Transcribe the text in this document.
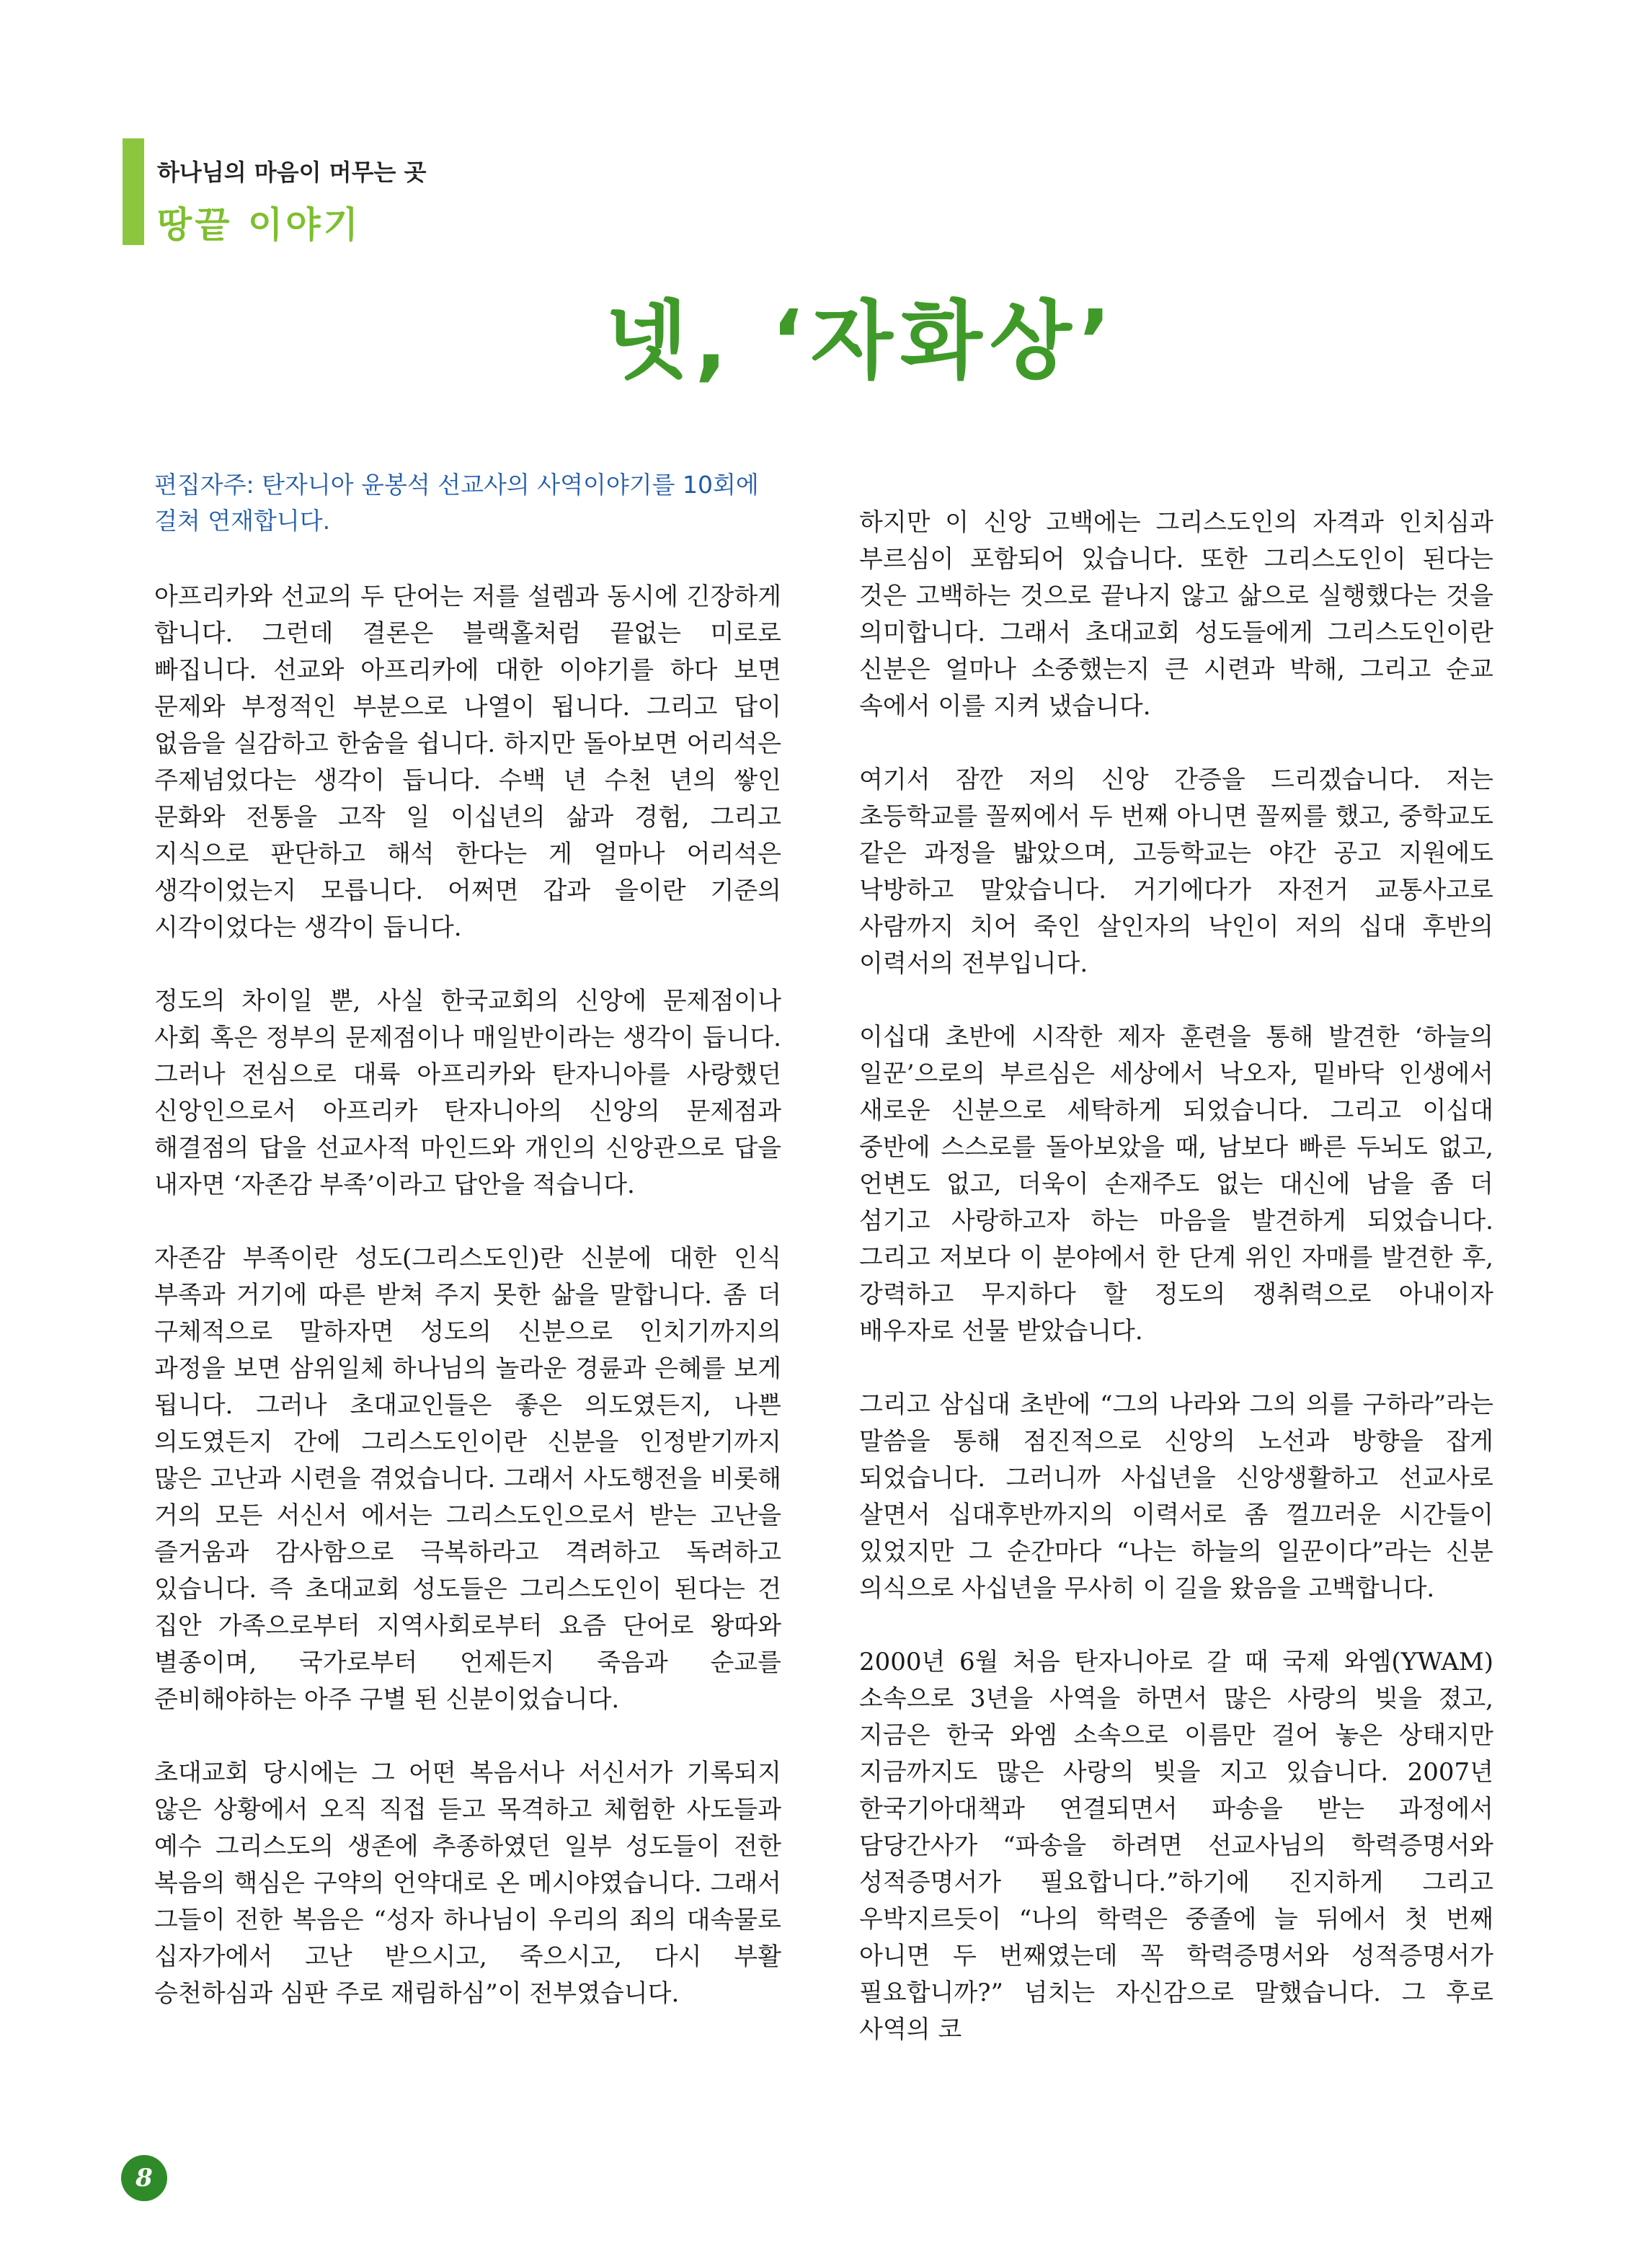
하나님의 마음이 머무는 곳
땅끝 이야기
넷, ‘자화상’

편집자주: 탄자니아 윤봉석 선교사의 사역이야기를 10회에 걸쳐 연재합니다.

아프리카와 선교의 두 단어는 저를 설렘과 동시에 긴장하게 합니다. 그런데 결론은 블랙홀처럼 끝없는 미로로 빠집니다. 선교와 아프리카에 대한 이야기를 하다 보면 문제와 부정적인 부분으로 나열이 됩니다. 그리고 답이 없음을 실감하고 한숨을 쉽니다. 하지만 돌아보면 어리석은 주제넘었다는 생각이 듭니다. 수백 년 수천 년의 쌓인 문화와 전통을 고작 일 이십년의 삶과 경험, 그리고 지식으로 판단하고 해석 한다는 게 얼마나 어리석은 생각이었는지 모릅니다. 어쩌면 갑과 을이란 기준의 시각이었다는 생각이 듭니다.

정도의 차이일 뿐, 사실 한국교회의 신앙에 문제점이나 사회 혹은 정부의 문제점이나 매일반이라는 생각이 듭니다. 그러나 전심으로 대륙 아프리카와 탄자니아를 사랑했던 신앙인으로서 아프리카 탄자니아의 신앙의 문제점과 해결점의 답을 선교사적 마인드와 개인의 신앙관으로 답을 내자면 ‘자존감 부족’이라고 답안을 적습니다.

자존감 부족이란 성도(그리스도인)란 신분에 대한 인식 부족과 거기에 따른 받쳐 주지 못한 삶을 말합니다. 좀 더 구체적으로 말하자면 성도의 신분으로 인치기까지의 과정을 보면 삼위일체 하나님의 놀라운 경륜과 은혜를 보게 됩니다. 그러나 초대교인들은 좋은 의도였든지, 나쁜 의도였든지 간에 그리스도인이란 신분을 인정받기까지 많은 고난과 시련을 겪었습니다. 그래서 사도행전을 비롯해 거의 모든 서신서 에서는 그리스도인으로서 받는 고난을 즐거움과 감사함으로 극복하라고 격려하고 독려하고 있습니다. 즉 초대교회 성도들은 그리스도인이 된다는 건 집안 가족으로부터 지역사회로부터 요즘 단어로 왕따와 별종이며, 국가로부터 언제든지 죽음과 순교를 준비해야하는 아주 구별 된 신분이었습니다.

초대교회 당시에는 그 어떤 복음서나 서신서가 기록되지 않은 상황에서 오직 직접 듣고 목격하고 체험한 사도들과 예수 그리스도의 생존에 추종하였던 일부 성도들이 전한 복음의 핵심은 구약의 언약대로 온 메시야였습니다. 그래서 그들이 전한 복음은 “성자 하나님이 우리의 죄의 대속물로 십자가에서 고난 받으시고, 죽으시고, 다시 부활 승천하심과 심판 주로 재림하심”이 전부였습니다.

하지만 이 신앙 고백에는 그리스도인의 자격과 인치심과 부르심이 포함되어 있습니다. 또한 그리스도인이 된다는 것은 고백하는 것으로 끝나지 않고 삶으로 실행했다는 것을 의미합니다. 그래서 초대교회 성도들에게 그리스도인이란 신분은 얼마나 소중했는지 큰 시련과 박해, 그리고 순교 속에서 이를 지켜 냈습니다.

여기서 잠깐 저의 신앙 간증을 드리겠습니다. 저는 초등학교를 꼴찌에서 두 번째 아니면 꼴찌를 했고, 중학교도 같은 과정을 밟았으며, 고등학교는 야간 공고 지원에도 낙방하고 말았습니다. 거기에다가 자전거 교통사고로 사람까지 치어 죽인 살인자의 낙인이 저의 십대 후반의 이력서의 전부입니다.

이십대 초반에 시작한 제자 훈련을 통해 발견한 ‘하늘의 일꾼’으로의 부르심은 세상에서 낙오자, 밑바닥 인생에서 새로운 신분으로 세탁하게 되었습니다. 그리고 이십대 중반에 스스로를 돌아보았을 때, 남보다 빠른 두뇌도 없고, 언변도 없고, 더욱이 손재주도 없는 대신에 남을 좀 더 섬기고 사랑하고자 하는 마음을 발견하게 되었습니다.그리고 저보다 이 분야에서 한 단계 위인 자매를 발견한 후, 강력하고 무지하다 할 정도의 쟁취력으로 아내이자 배우자로 선물 받았습니다.

그리고 삼십대 초반에 “그의 나라와 그의 의를 구하라”라는 말씀을 통해 점진적으로 신앙의 노선과 방향을 잡게 되었습니다. 그러니까 사십년을 신앙생활하고 선교사로 살면서 십대후반까지의 이력서로 좀 껄끄러운 시간들이 있었지만 그 순간마다 “나는 하늘의 일꾼이다”라는 신분 의식으로 사십년을 무사히 이 길을 왔음을 고백합니다.

2000년 6월 처음 탄자니아로 갈 때 국제 와엠(YWAM) 소속으로 3년을 사역을 하면서 많은 사랑의 빚을 졌고, 지금은 한국 와엠 소속으로 이름만 걸어 놓은 상태지만 지금까지도 많은 사랑의 빚을 지고 있습니다. 2007년 한국기아대책과 연결되면서 파송을 받는 과정에서 담당간사가 “파송을 하려면 선교사님의 학력증명서와 성적증명서가 필요합니다.”하기에 진지하게 그리고 우박지르듯이 “나의 학력은 중졸에 늘 뒤에서 첫 번째 아니면 두 번째였는데 꼭 학력증명서와 성적증명서가 필요합니까?” 넘치는 자신감으로 말했습니다. 그 후로 사역의 코

8
